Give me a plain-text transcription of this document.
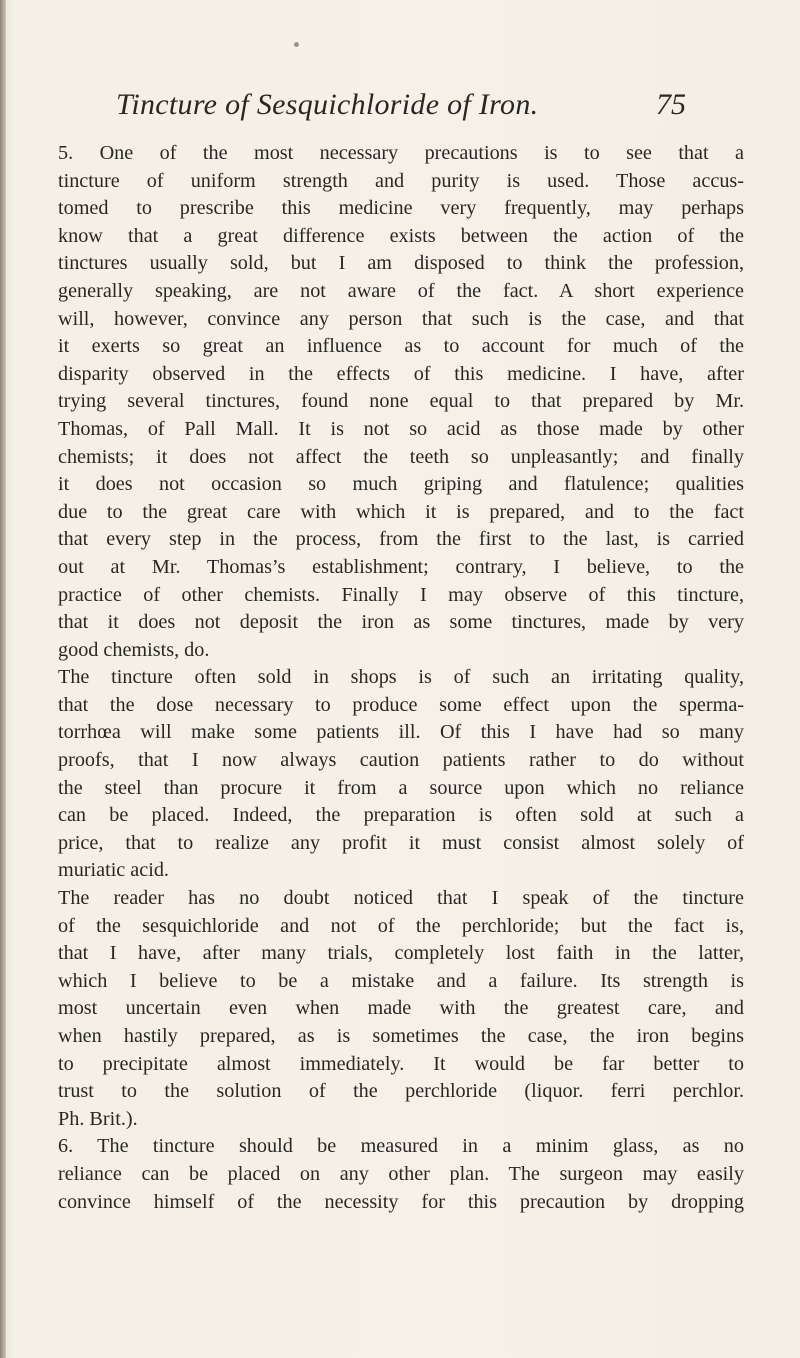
Tincture of Sesquichloride of Iron.	75
5. One of the most necessary precautions is to see that a
tincture of uniform strength and purity is used. Those accus-
tomed to prescribe this medicine very frequently, may perhaps
know that a great difference exists between the action of the
tinctures usually sold, but I am disposed to think the profession,
generally speaking, are not aware of the fact. A short experience
will, however, convince any person that such is the case, and that
it exerts so great an influence as to account for much of the
disparity observed in the effects of this medicine. I have, after
trying several tinctures, found none equal to that prepared by Mr.
Thomas, of Pall Mall. It is not so acid as those made by other
chemists; it does not affect the teeth so unpleasantly; and finally
it does not occasion so much griping and flatulence; qualities
due to the great care with which it is prepared, and to the fact
that every step in the process, from the first to the last, is carried
out at Mr. Thomas’s establishment; contrary, I believe, to the
practice of other chemists. Finally I may observe of this tincture,
that it does not deposit the iron as some tinctures, made by very
good chemists, do.
The tincture often sold in shops is of such an irritating quality,
that the dose necessary to produce some effect upon the sperma-
torrhœa will make some patients ill. Of this I have had so many
proofs, that I now always caution patients rather to do without
the steel than procure it from a source upon which no reliance
can be placed. Indeed, the preparation is often sold at such a
price, that to realize any profit it must consist almost solely of
muriatic acid.
The reader has no doubt noticed that I speak of the tincture
of the sesquichloride and not of the perchloride; but the fact is,
that I have, after many trials, completely lost faith in the latter,
which I believe to be a mistake and a failure. Its strength is
most uncertain even when made with the greatest care, and
when hastily prepared, as is sometimes the case, the iron begins
to precipitate almost immediately. It would be far better to
trust to the solution of the perchloride (liquor. ferri perchlor.
Ph. Brit.).
6. The tincture should be measured in a minim glass, as no
reliance can be placed on any other plan. The surgeon may easily
convince himself of the necessity for this precaution by dropping
